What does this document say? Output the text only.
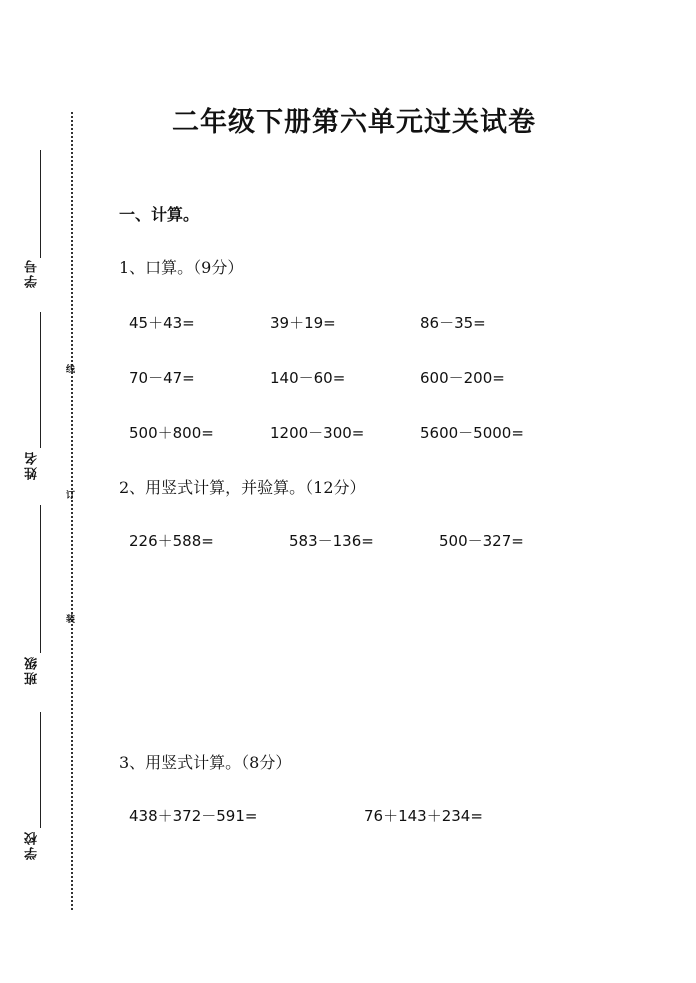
学号
姓名
班级
学校
线
订
装
二年级下册第六单元过关试卷
一、计算。
1、口算。（9分）
45＋43=	39＋19=	86－35=
70－47=	140－60=	600－200=
500＋800=	1200－300=	5600－5000=
2、用竖式计算，并验算。（12分）
226＋588=	583－136=	500－327=
3、用竖式计算。（8分）
438＋372－591=	76＋143＋234=
